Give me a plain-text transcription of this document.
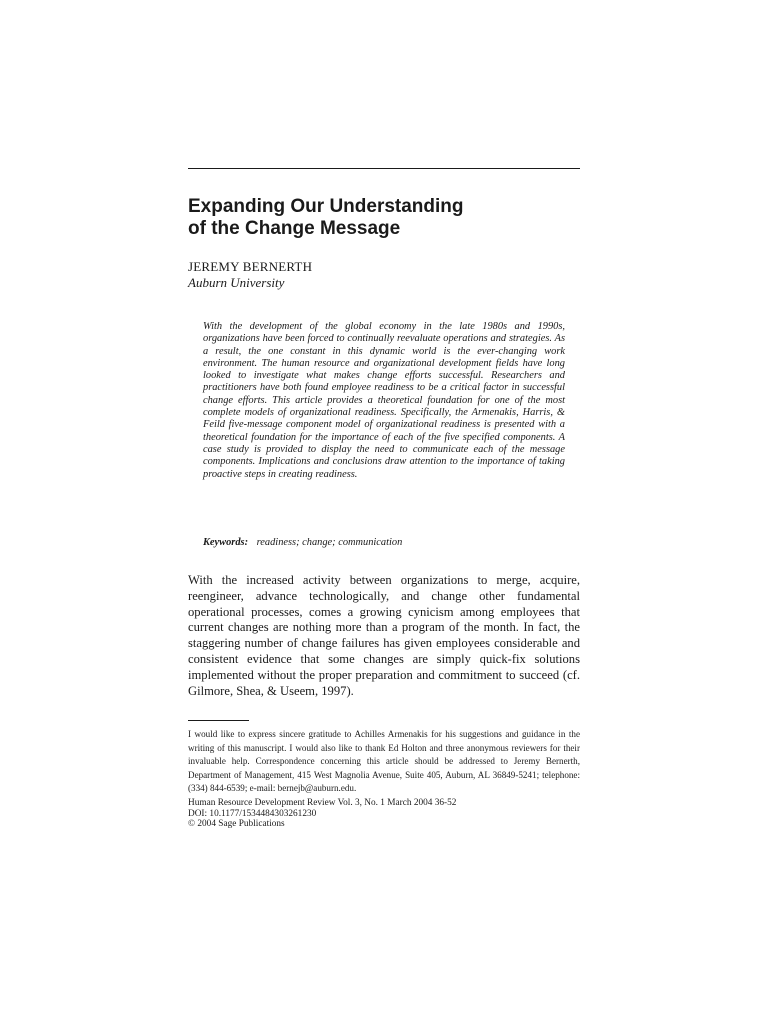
Expanding Our Understanding
of the Change Message
JEREMY BERNERTH
Auburn University
With the development of the global economy in the late 1980s and 1990s, organizations have been forced to continually reevaluate operations and strategies. As a result, the one constant in this dynamic world is the ever-changing work environment. The human resource and organizational development fields have long looked to investigate what makes change efforts successful. Researchers and practitioners have both found employee readiness to be a critical factor in successful change efforts. This article provides a theoretical foundation for one of the most complete models of organizational readiness. Specifically, the Armenakis, Harris, & Feild five-message component model of organizational readiness is presented with a theoretical foundation for the importance of each of the five specified components. A case study is provided to display the need to communicate each of the message components. Implications and conclusions draw attention to the importance of taking proactive steps in creating readiness.
Keywords: readiness; change; communication
With the increased activity between organizations to merge, acquire, reengineer, advance technologically, and change other fundamental operational processes, comes a growing cynicism among employees that current changes are nothing more than a program of the month. In fact, the staggering number of change failures has given employees considerable and consistent evidence that some changes are simply quick-fix solutions implemented without the proper preparation and commitment to succeed (cf. Gilmore, Shea, & Useem, 1997).
I would like to express sincere gratitude to Achilles Armenakis for his suggestions and guidance in the writing of this manuscript. I would also like to thank Ed Holton and three anonymous reviewers for their invaluable help. Correspondence concerning this article should be addressed to Jeremy Bernerth, Department of Management, 415 West Magnolia Avenue, Suite 405, Auburn, AL 36849-5241; telephone: (334) 844-6539; e-mail: bernejb@auburn.edu.
Human Resource Development Review Vol. 3, No. 1 March 2004 36-52
DOI: 10.1177/1534484303261230
© 2004 Sage Publications
